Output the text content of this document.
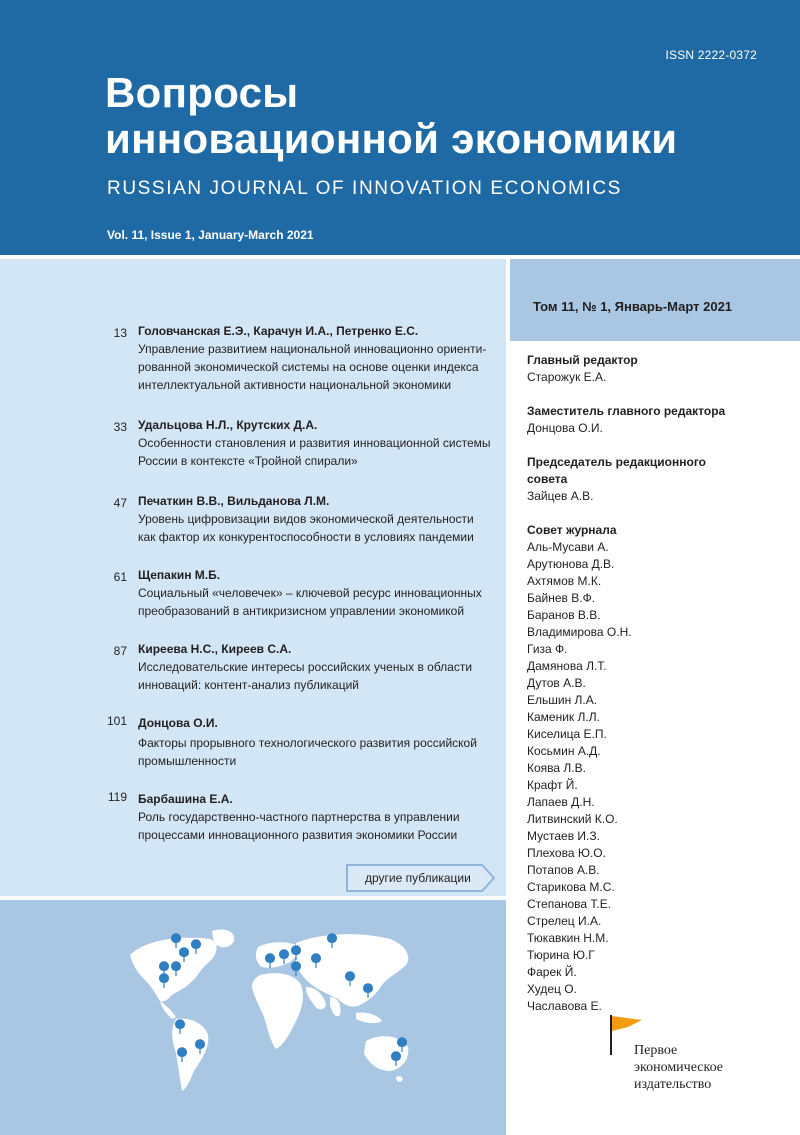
ISSN 2222-0372
Вопросы
инновационной экономики
RUSSIAN JOURNAL OF INNOVATION ECONOMICS
Vol. 11, Issue 1, January-March 2021
13 Головчанская Е.Э., Карачун И.А., Петренко Е.С.
Управление развитием национальной инновационно ориенти-
рованной экономической системы на основе оценки индекса
интеллектуальной активности национальной экономики
33 Удальцова Н.Л., Крутских Д.А.
Особенности становления и развития инновационной системы
России в контексте «Тройной спирали»
47 Печаткин В.В., Вильданова Л.М.
Уровень цифровизации видов экономической деятельности
как фактор их конкурентоспособности в условиях пандемии
61 Щепакин М.Б.
Социальный «человечек» – ключевой ресурс инновационных
преобразований в антикризисном управлении экономикой
87 Киреева Н.С., Киреев С.А.
Исследовательские интересы российских ученых в области
инноваций: контент-анализ публикаций
101 Донцова О.И.
Факторы прорывного технологического развития российской
промышленности
119 Барбашина Е.А.
Роль государственно-частного партнерства в управлении
процессами инновационного развития экономики России
другие публикации
Том 11, № 1, Январь-Март 2021
Главный редактор
Старожук Е.А.
Заместитель главного редактора
Донцова О.И.
Председатель редакционного
совета
Зайцев А.В.
Совет журнала
Аль-Мусави А.
Арутюнова Д.В.
Ахтямов М.К.
Байнев В.Ф.
Баранов В.В.
Владимирова О.Н.
Гиза Ф.
Дамянова Л.Т.
Дутов А.В.
Ельшин Л.А.
Каменик Л.Л.
Киселица Е.П.
Косьмин А.Д.
Коява Л.В.
Крафт Й.
Лапаев Д.Н.
Литвинский К.О.
Мустаев И.З.
Плехова Ю.О.
Потапов А.В.
Старикова М.С.
Степанова Т.Е.
Стрелец И.А.
Тюкавкин Н.М.
Тюрина Ю.Г
Фарек Й.
Худец О.
Чаславова Е.
Первое
экономическое
издательство
